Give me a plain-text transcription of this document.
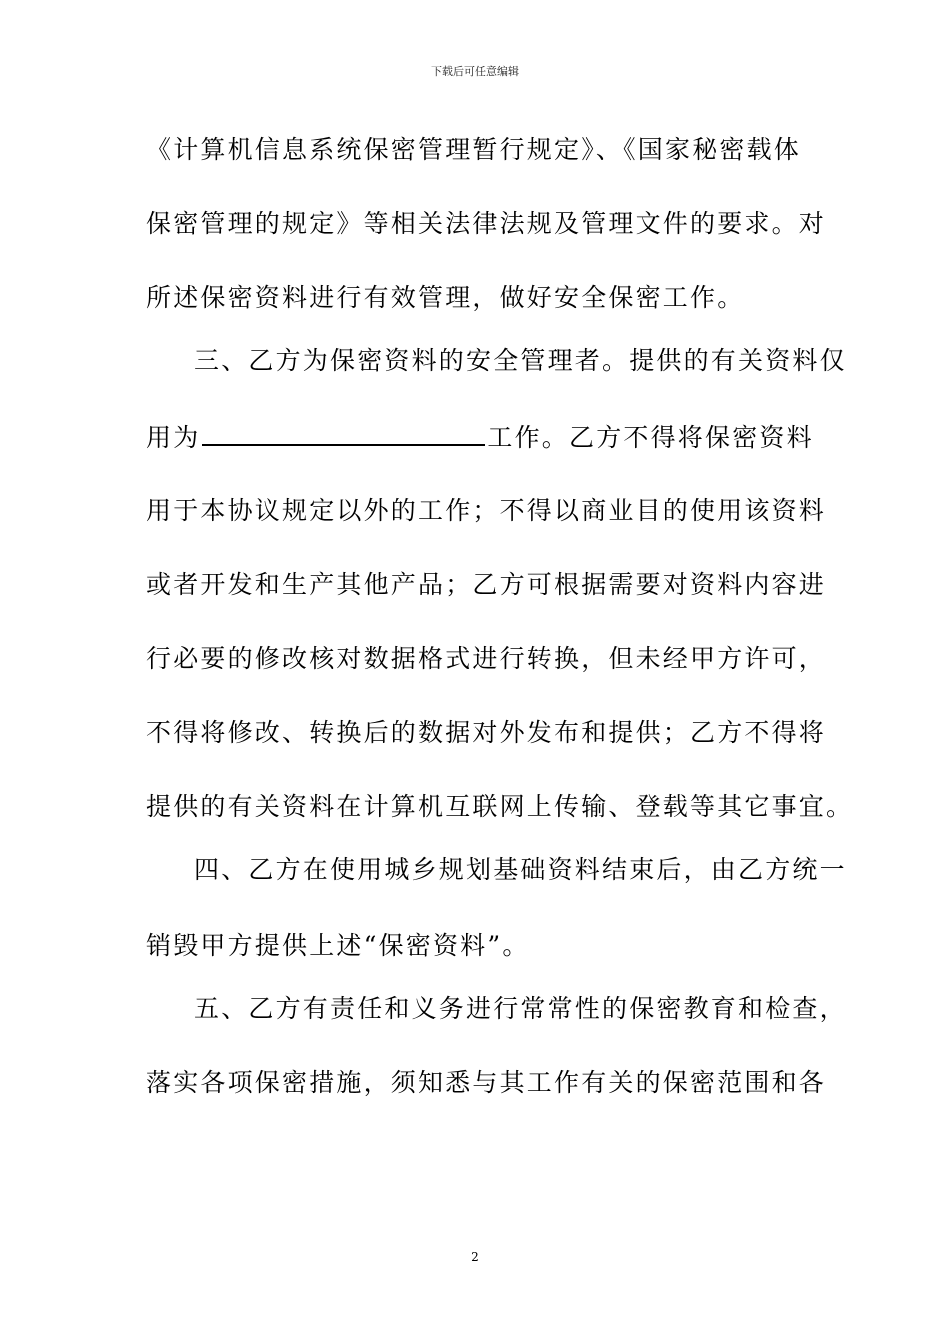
下载后可任意编辑
《计算机信息系统保密管理暂行规定》、《国家秘密载体
保密管理的规定》等相关法律法规及管理文件的要求。对
所述保密资料进行有效管理，做好安全保密工作。
三、乙方为保密资料的安全管理者。提供的有关资料仅
用为	工作。乙方不得将保密资料
用于本协议规定以外的工作；不得以商业目的使用该资料
或者开发和生产其他产品；乙方可根据需要对资料内容进
行必要的修改核对数据格式进行转换，但未经甲方许可，
不得将修改、转换后的数据对外发布和提供；乙方不得将
提供的有关资料在计算机互联网上传输、登载等其它事宜。
四、乙方在使用城乡规划基础资料结束后，由乙方统一
销毁甲方提供上述“保密资料”。
五、乙方有责任和义务进行常常性的保密教育和检查，
落实各项保密措施，须知悉与其工作有关的保密范围和各
2
